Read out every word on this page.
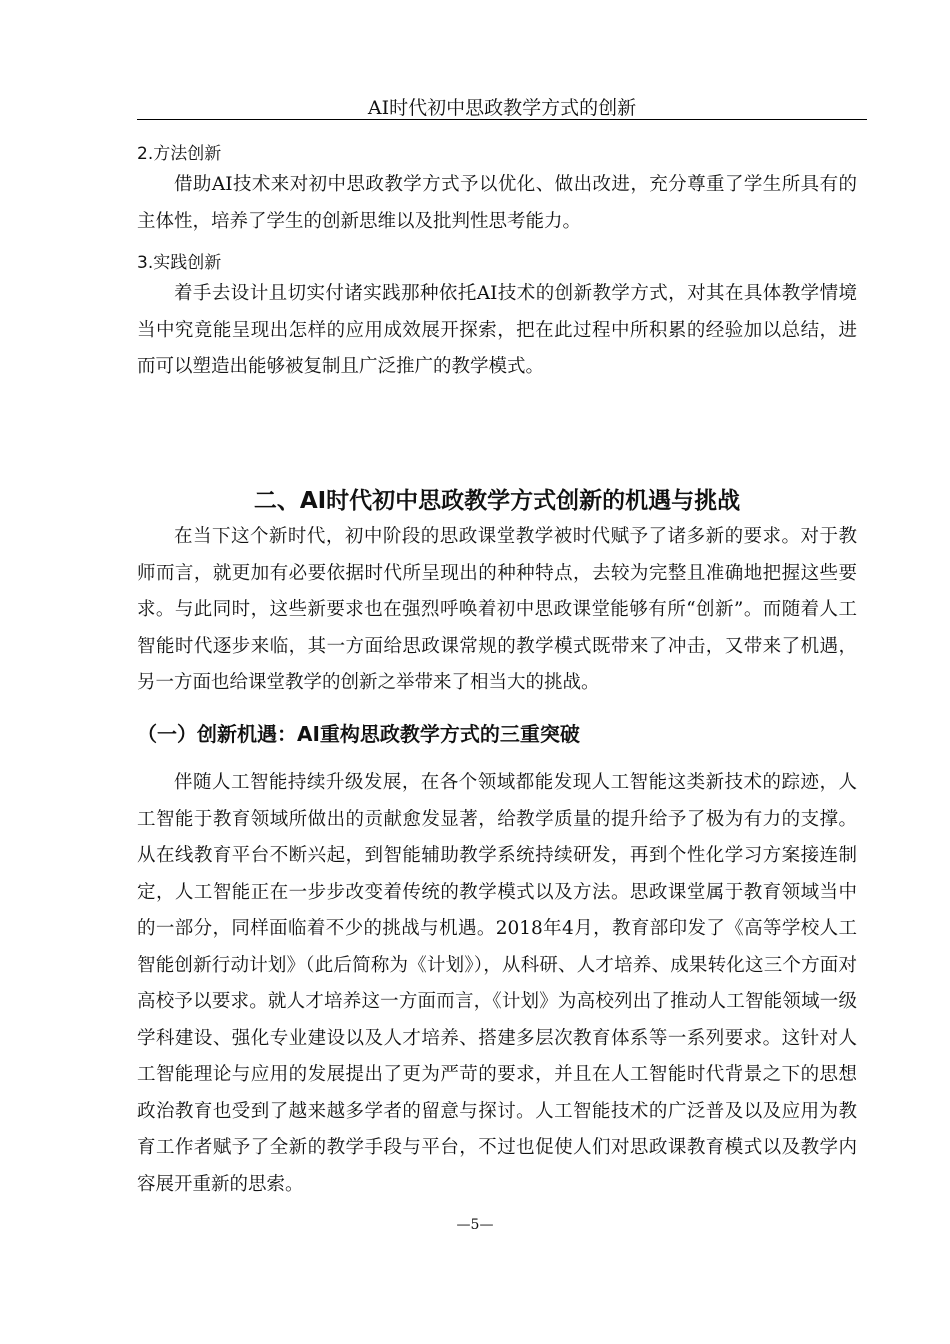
AI时代初中思政教学方式的创新
2.方法创新

借助AI技术来对初中思政教学方式予以优化、做出改进，充分尊重了学生所具有的主体性，培养了学生的创新思维以及批判性思考能力。

3.实践创新

着手去设计且切实付诸实践那种依托AI技术的创新教学方式，对其在具体教学情境当中究竟能呈现出怎样的应用成效展开探索，把在此过程中所积累的经验加以总结，进而可以塑造出能够被复制且广泛推广的教学模式。

二、AI时代初中思政教学方式创新的机遇与挑战

在当下这个新时代，初中阶段的思政课堂教学被时代赋予了诸多新的要求。对于教师而言，就更加有必要依据时代所呈现出的种种特点，去较为完整且准确地把握这些要求。与此同时，这些新要求也在强烈呼唤着初中思政课堂能够有所“创新”。而随着人工智能时代逐步来临，其一方面给思政课常规的教学模式既带来了冲击，又带来了机遇，另一方面也给课堂教学的创新之举带来了相当大的挑战。

（一）创新机遇：AI重构思政教学方式的三重突破

伴随人工智能持续升级发展，在各个领域都能发现人工智能这类新技术的踪迹，人工智能于教育领域所做出的贡献愈发显著，给教学质量的提升给予了极为有力的支撑。从在线教育平台不断兴起，到智能辅助教学系统持续研发，再到个性化学习方案接连制定，人工智能正在一步步改变着传统的教学模式以及方法。思政课堂属于教育领域当中的一部分，同样面临着不少的挑战与机遇。2018年4月，教育部印发了《高等学校人工智能创新行动计划》（此后简称为《计划》），从科研、人才培养、成果转化这三个方面对高校予以要求。就人才培养这一方面而言，《计划》为高校列出了推动人工智能领域一级学科建设、强化专业建设以及人才培养、搭建多层次教育体系等一系列要求。这针对人工智能理论与应用的发展提出了更为严苛的要求，并且在人工智能时代背景之下的思想政治教育也受到了越来越多学者的留意与探讨。人工智能技术的广泛普及以及应用为教育工作者赋予了全新的教学手段与平台，不过也促使人们对思政课教育模式以及教学内容展开重新的思索。

—5—
